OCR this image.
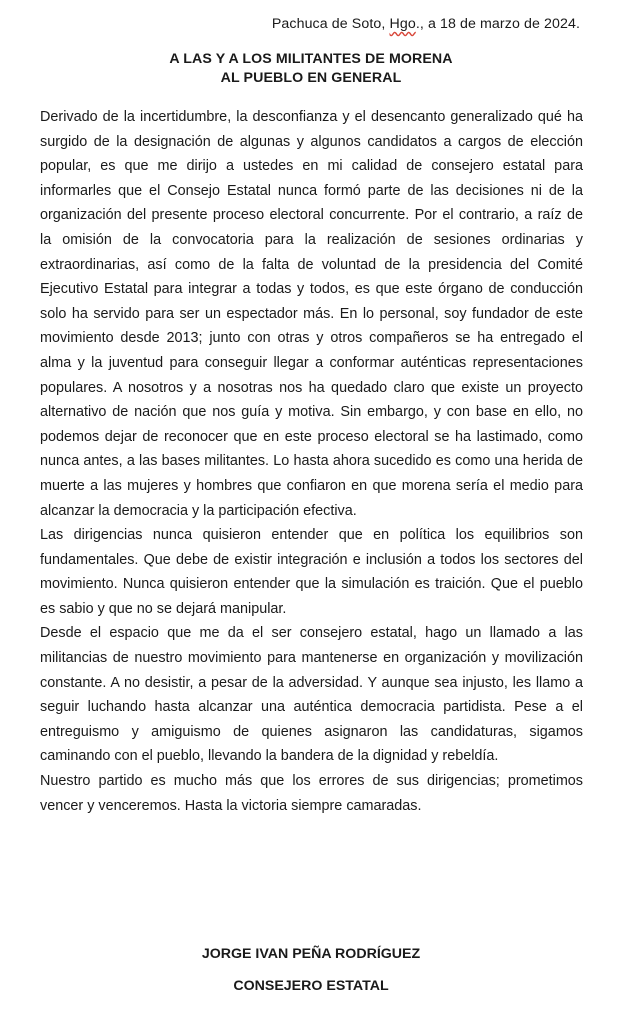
Pachuca de Soto, Hgo., a 18 de marzo de 2024.
A LAS Y A LOS MILITANTES DE MORENA
AL PUEBLO EN GENERAL

Derivado de la incertidumbre, la desconfianza y el desencanto generalizado qué ha surgido de la designación de algunas y algunos candidatos a cargos de elección popular, es que me dirijo a ustedes en mi calidad de consejero estatal para informarles que el Consejo Estatal nunca formó parte de las decisiones ni de la organización del presente proceso electoral concurrente. Por el contrario, a raíz de la omisión de la convocatoria para la realización de sesiones ordinarias y extraordinarias, así como de la falta de voluntad de la presidencia del Comité Ejecutivo Estatal para integrar a todas y todos, es que este órgano de conducción solo ha servido para ser un espectador más. En lo personal, soy fundador de este movimiento desde 2013; junto con otras y otros compañeros se ha entregado el alma y la juventud para conseguir llegar a conformar auténticas representaciones populares. A nosotros y a nosotras nos ha quedado claro que existe un proyecto alternativo de nación que nos guía y motiva. Sin embargo, y con base en ello, no podemos dejar de reconocer que en este proceso electoral se ha lastimado, como nunca antes, a las bases militantes. Lo hasta ahora sucedido es como una herida de muerte a las mujeres y hombres que confiaron en que morena sería el medio para alcanzar la democracia y la participación efectiva.

Las dirigencias nunca quisieron entender que en política los equilibrios son fundamentales. Que debe de existir integración e inclusión a todos los sectores del movimiento. Nunca quisieron entender que la simulación es traición. Que el pueblo es sabio y que no se dejará manipular.

Desde el espacio que me da el ser consejero estatal, hago un llamado a las militancias de nuestro movimiento para mantenerse en organización y movilización constante. A no desistir, a pesar de la adversidad. Y aunque sea injusto, les llamo a seguir luchando hasta alcanzar una auténtica democracia partidista. Pese a el entreguismo y amiguismo de quienes asignaron las candidaturas, sigamos caminando con el pueblo, llevando la bandera de la dignidad y rebeldía.

Nuestro partido es mucho más que los errores de sus dirigencias; prometimos vencer y venceremos. Hasta la victoria siempre camaradas.

JORGE IVAN PEÑA RODRÍGUEZ
CONSEJERO ESTATAL
